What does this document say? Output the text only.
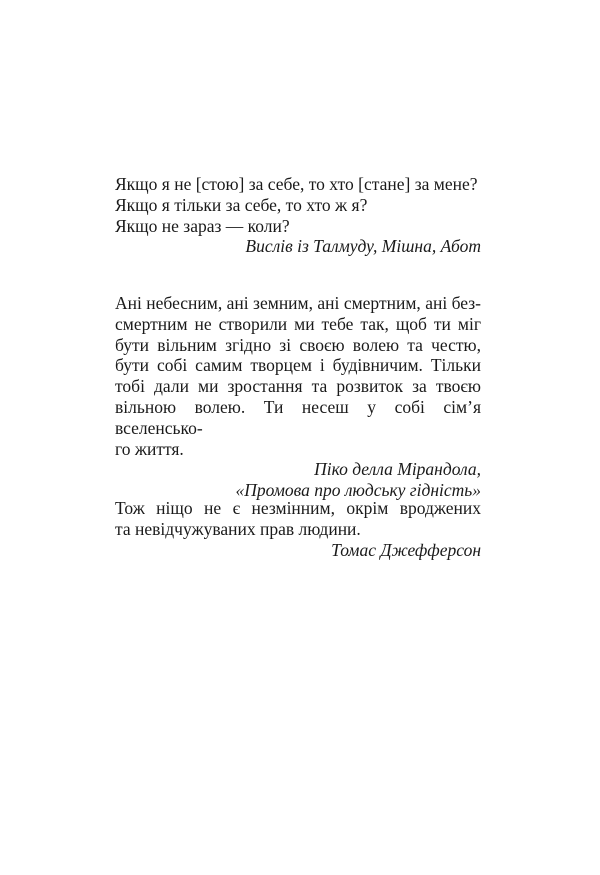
Якщо я не [стою] за себе, то хто [стане] за мене?
Якщо я тільки за себе, то хто ж я?
Якщо не зараз — коли?
Вислів із Талмуду, Мішна, Абот
Ані небесним, ані земним, ані смертним, ані без-
смертним не створили ми тебе так, щоб ти міг
бути вільним згідно зі своєю волею та честю,
бути собі самим творцем і будівничим. Тільки
тобі дали ми зростання та розвиток за твоєю
вільною волею. Ти несеш у собі сім’я вселенсько-
го життя.
Піко делла Мірандола,
«Промова про людську гідність»
Тож ніщо не є незмінним, окрім вроджених
та невідчужуваних прав людини.
Томас Джефферсон
